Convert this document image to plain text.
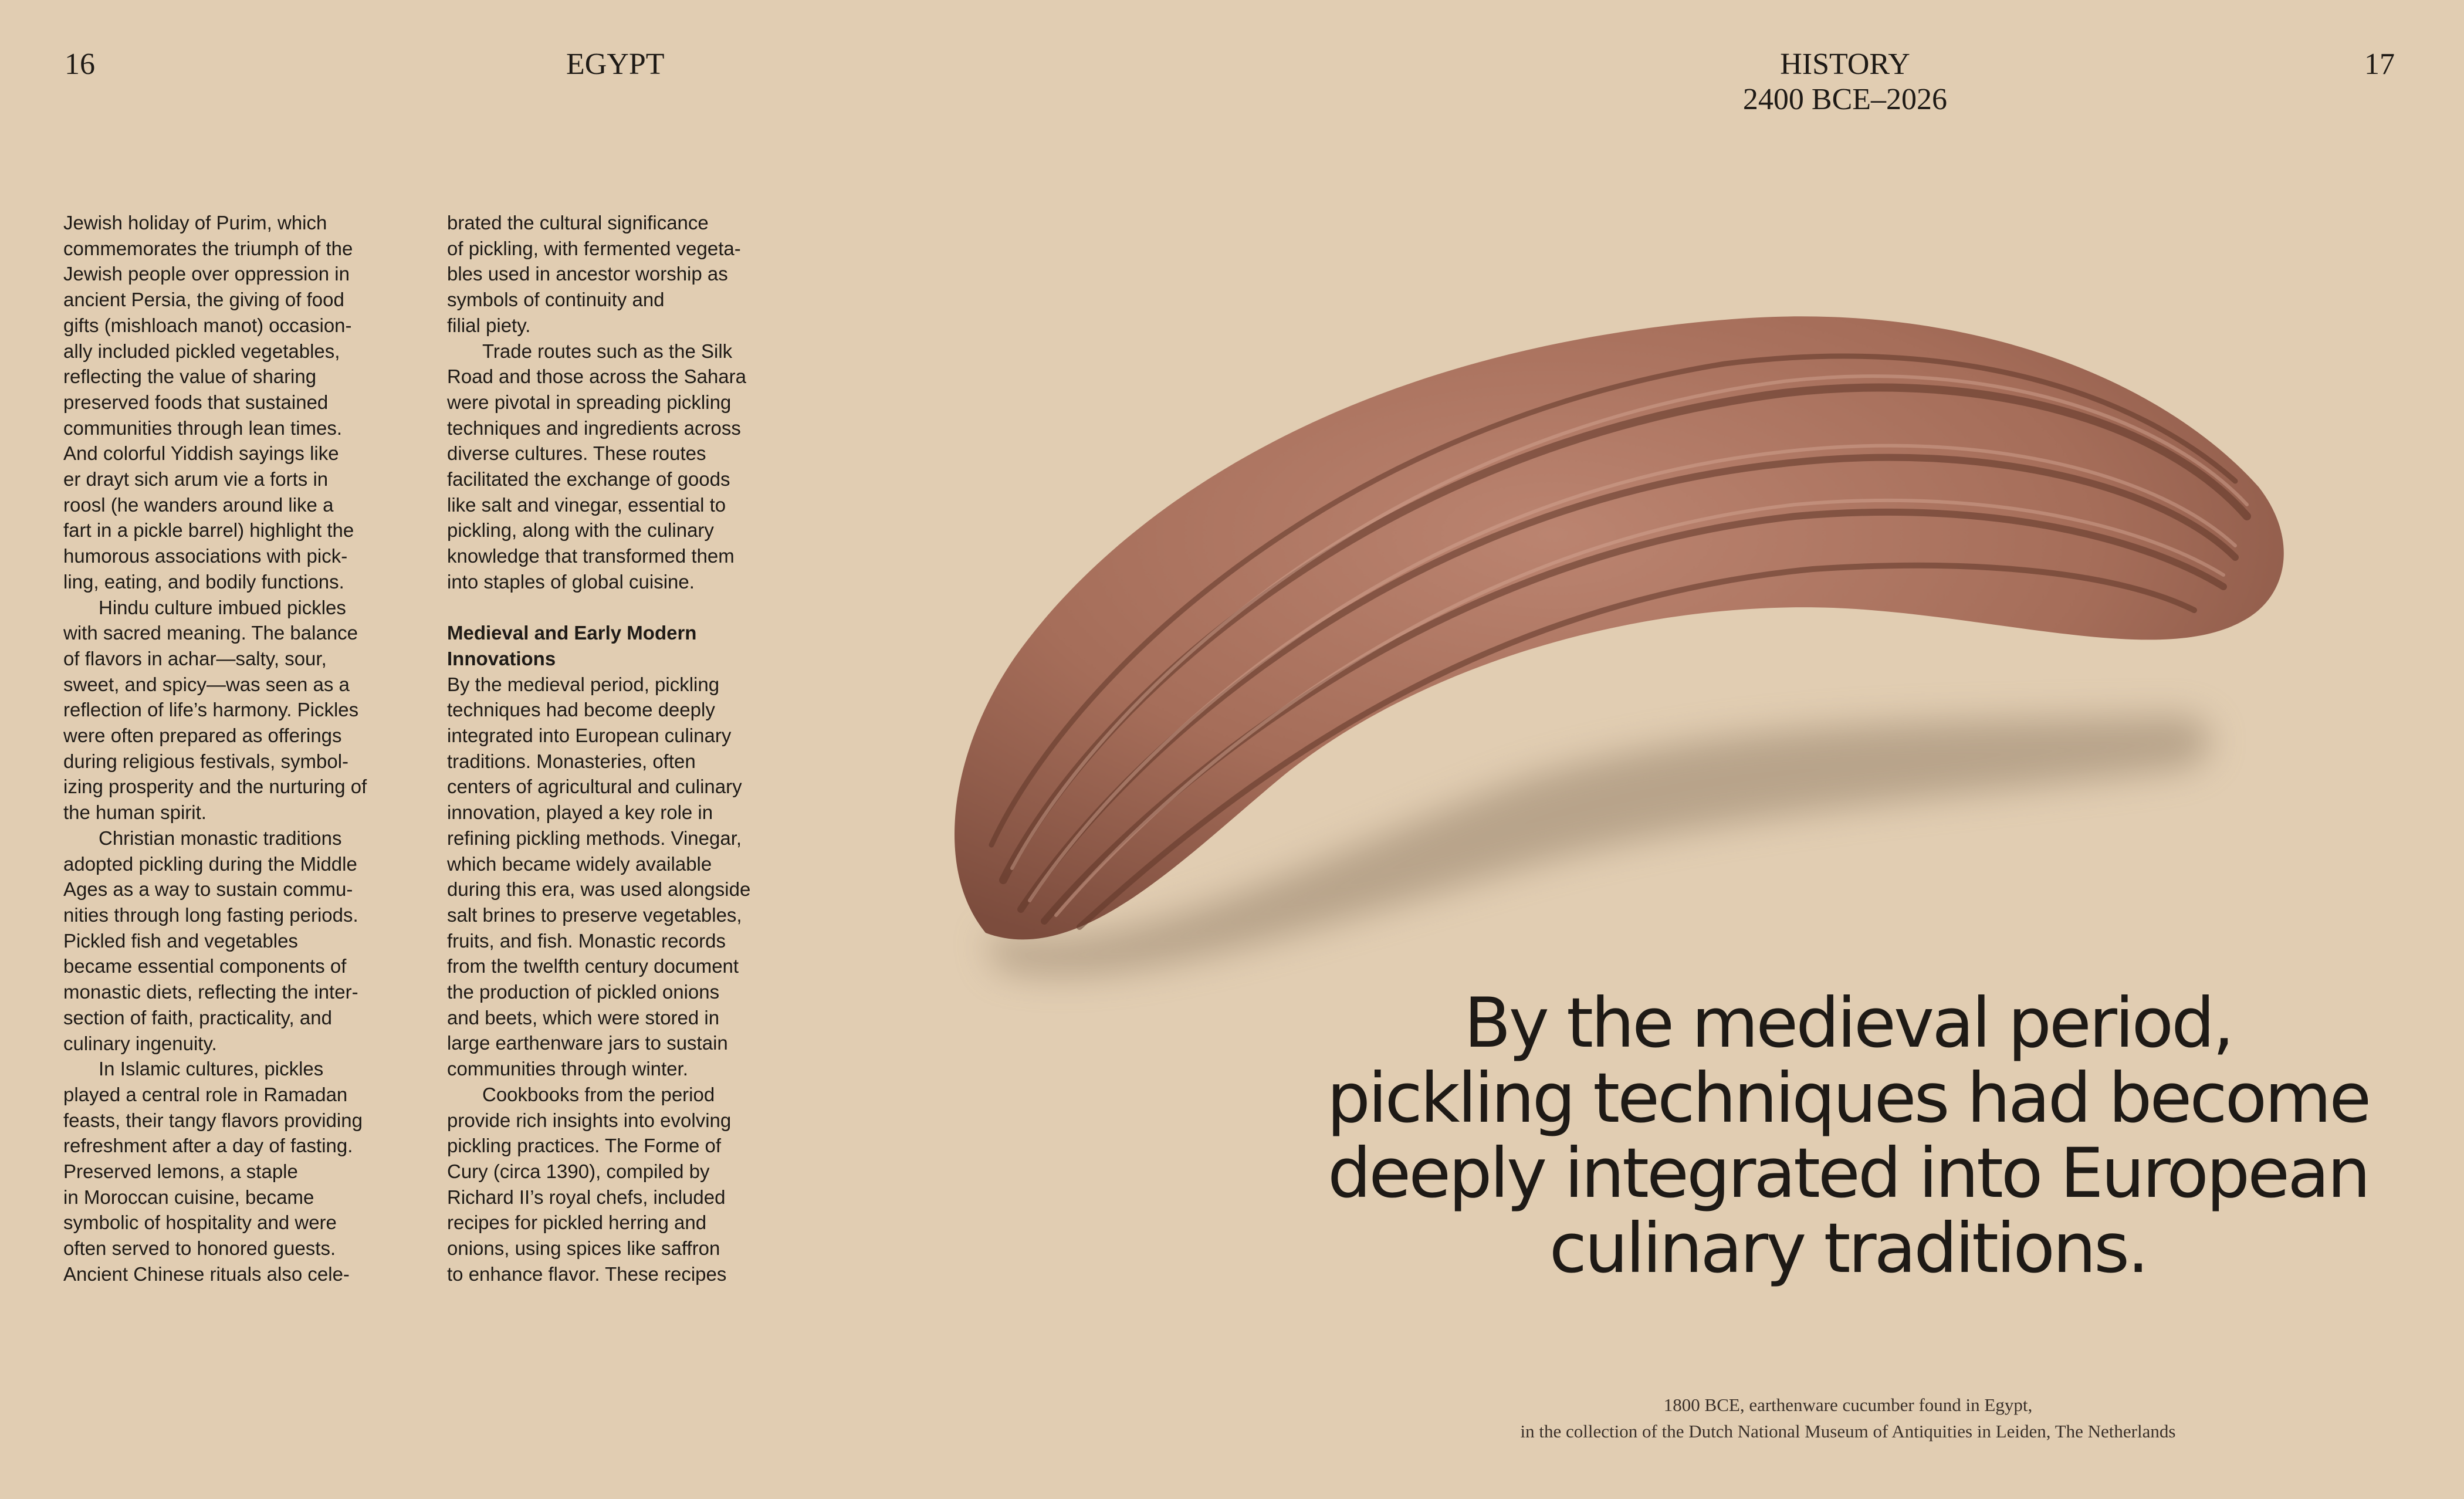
16	EGYPT	HISTORY
2400 BCE–2026
17

Jewish holiday of Purim, which
commemorates the triumph of the
Jewish people over oppression in
ancient Persia, the giving of food
gifts (mishloach manot) occasion-
ally included pickled vegetables,
reflecting the value of sharing
preserved foods that sustained
communities through lean times.
And colorful Yiddish sayings like
er drayt sich arum vie a forts in
roosl (he wanders around like a
fart in a pickle barrel) highlight the
humorous associations with pick-
ling, eating, and bodily functions.

Hindu culture imbued pickles
with sacred meaning. The balance
of flavors in achar—salty, sour,
sweet, and spicy—was seen as a
reflection of life’s harmony. Pickles
were often prepared as offerings
during religious festivals, symbol-
izing prosperity and the nurturing of
the human spirit.

Christian monastic traditions
adopted pickling during the Middle
Ages as a way to sustain commu-
nities through long fasting periods.
Pickled fish and vegetables
became essential components of
monastic diets, reflecting the inter-
section of faith, practicality, and
culinary ingenuity.

In Islamic cultures, pickles
played a central role in Ramadan
feasts, their tangy flavors providing
refreshment after a day of fasting.
Preserved lemons, a staple
in Moroccan cuisine, became
symbolic of hospitality and were
often served to honored guests.
Ancient Chinese rituals also cele-

brated the cultural significance
of pickling, with fermented vegeta-
bles used in ancestor worship as
symbols of continuity and
filial piety.

Trade routes such as the Silk
Road and those across the Sahara
were pivotal in spreading pickling
techniques and ingredients across
diverse cultures. These routes
facilitated the exchange of goods
like salt and vinegar, essential to
pickling, along with the culinary
knowledge that transformed them
into staples of global cuisine.

Medieval and Early Modern
Innovations

By the medieval period, pickling
techniques had become deeply
integrated into European culinary
traditions. Monasteries, often
centers of agricultural and culinary
innovation, played a key role in
refining pickling methods. Vinegar,
which became widely available
during this era, was used alongside
salt brines to preserve vegetables,
fruits, and fish. Monastic records
from the twelfth century document
the production of pickled onions
and beets, which were stored in
large earthenware jars to sustain
communities through winter.

Cookbooks from the period
provide rich insights into evolving
pickling practices. The Forme of
Cury (circa 1390), compiled by
Richard II’s royal chefs, included
recipes for pickled herring and
onions, using spices like saffron
to enhance flavor. These recipes

By the medieval period,
pickling techniques had become
deeply integrated into European
culinary traditions.
1800 BCE, earthenware cucumber found in Egypt,
in the collection of the Dutch National Museum of Antiquities in Leiden, The Netherlands
